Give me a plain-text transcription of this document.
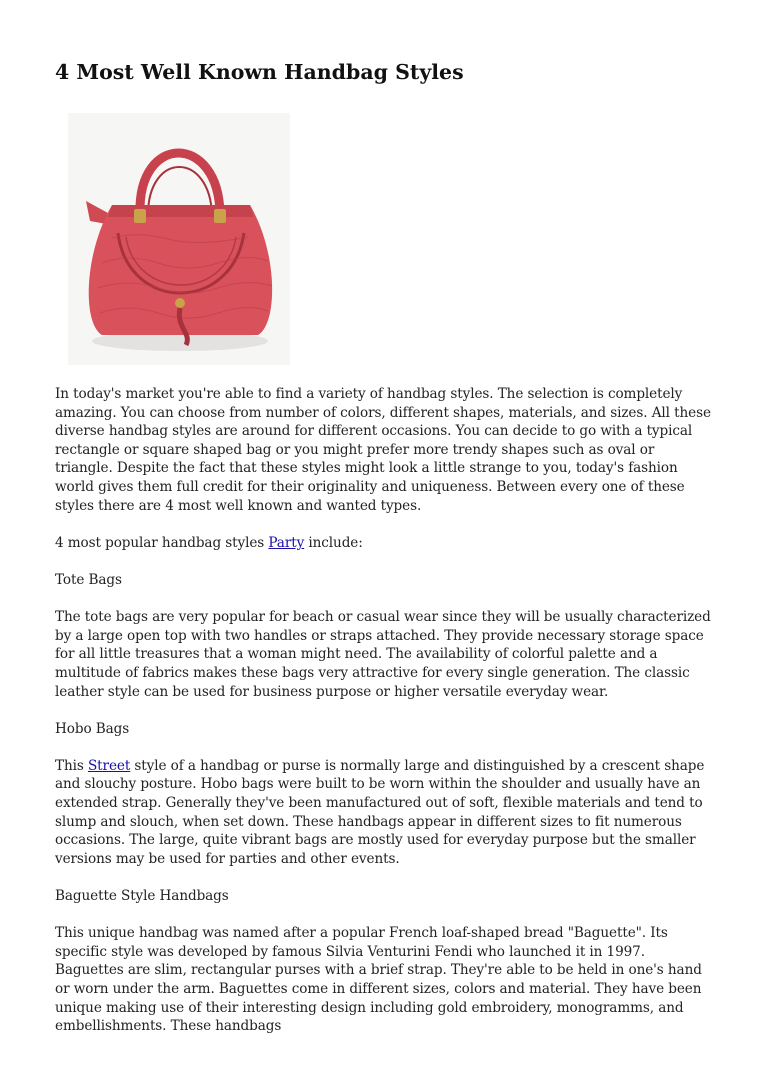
4 Most Well Known Handbag Styles

In today's market you're able to find a variety of handbag styles. The selection is completely amazing. You can choose from number of colors, different shapes, materials, and sizes. All these diverse handbag styles are around for different occasions. You can decide to go with a typical rectangle or square shaped bag or you might prefer more trendy shapes such as oval or triangle. Despite the fact that these styles might look a little strange to you, today's fashion world gives them full credit for their originality and uniqueness. Between every one of these styles there are 4 most well known and wanted types.

4 most popular handbag styles Party include:

Tote Bags

The tote bags are very popular for beach or casual wear since they will be usually characterized by a large open top with two handles or straps attached. They provide necessary storage space for all little treasures that a woman might need. The availability of colorful palette and a multitude of fabrics makes these bags very attractive for every single generation. The classic leather style can be used for business purpose or higher versatile everyday wear.

Hobo Bags

This Street style of a handbag or purse is normally large and distinguished by a crescent shape and slouchy posture. Hobo bags were built to be worn within the shoulder and usually have an extended strap. Generally they've been manufactured out of soft, flexible materials and tend to slump and slouch, when set down. These handbags appear in different sizes to fit numerous occasions. The large, quite vibrant bags are mostly used for everyday purpose but the smaller versions may be used for parties and other events.

Baguette Style Handbags

This unique handbag was named after a popular French loaf-shaped bread "Baguette". Its specific style was developed by famous Silvia Venturini Fendi who launched it in 1997. Baguettes are slim, rectangular purses with a brief strap. They're able to be held in one's hand or worn under the arm. Baguettes come in different sizes, colors and material. They have been unique making use of their interesting design including gold embroidery, monogramms, and embellishments. These handbags
